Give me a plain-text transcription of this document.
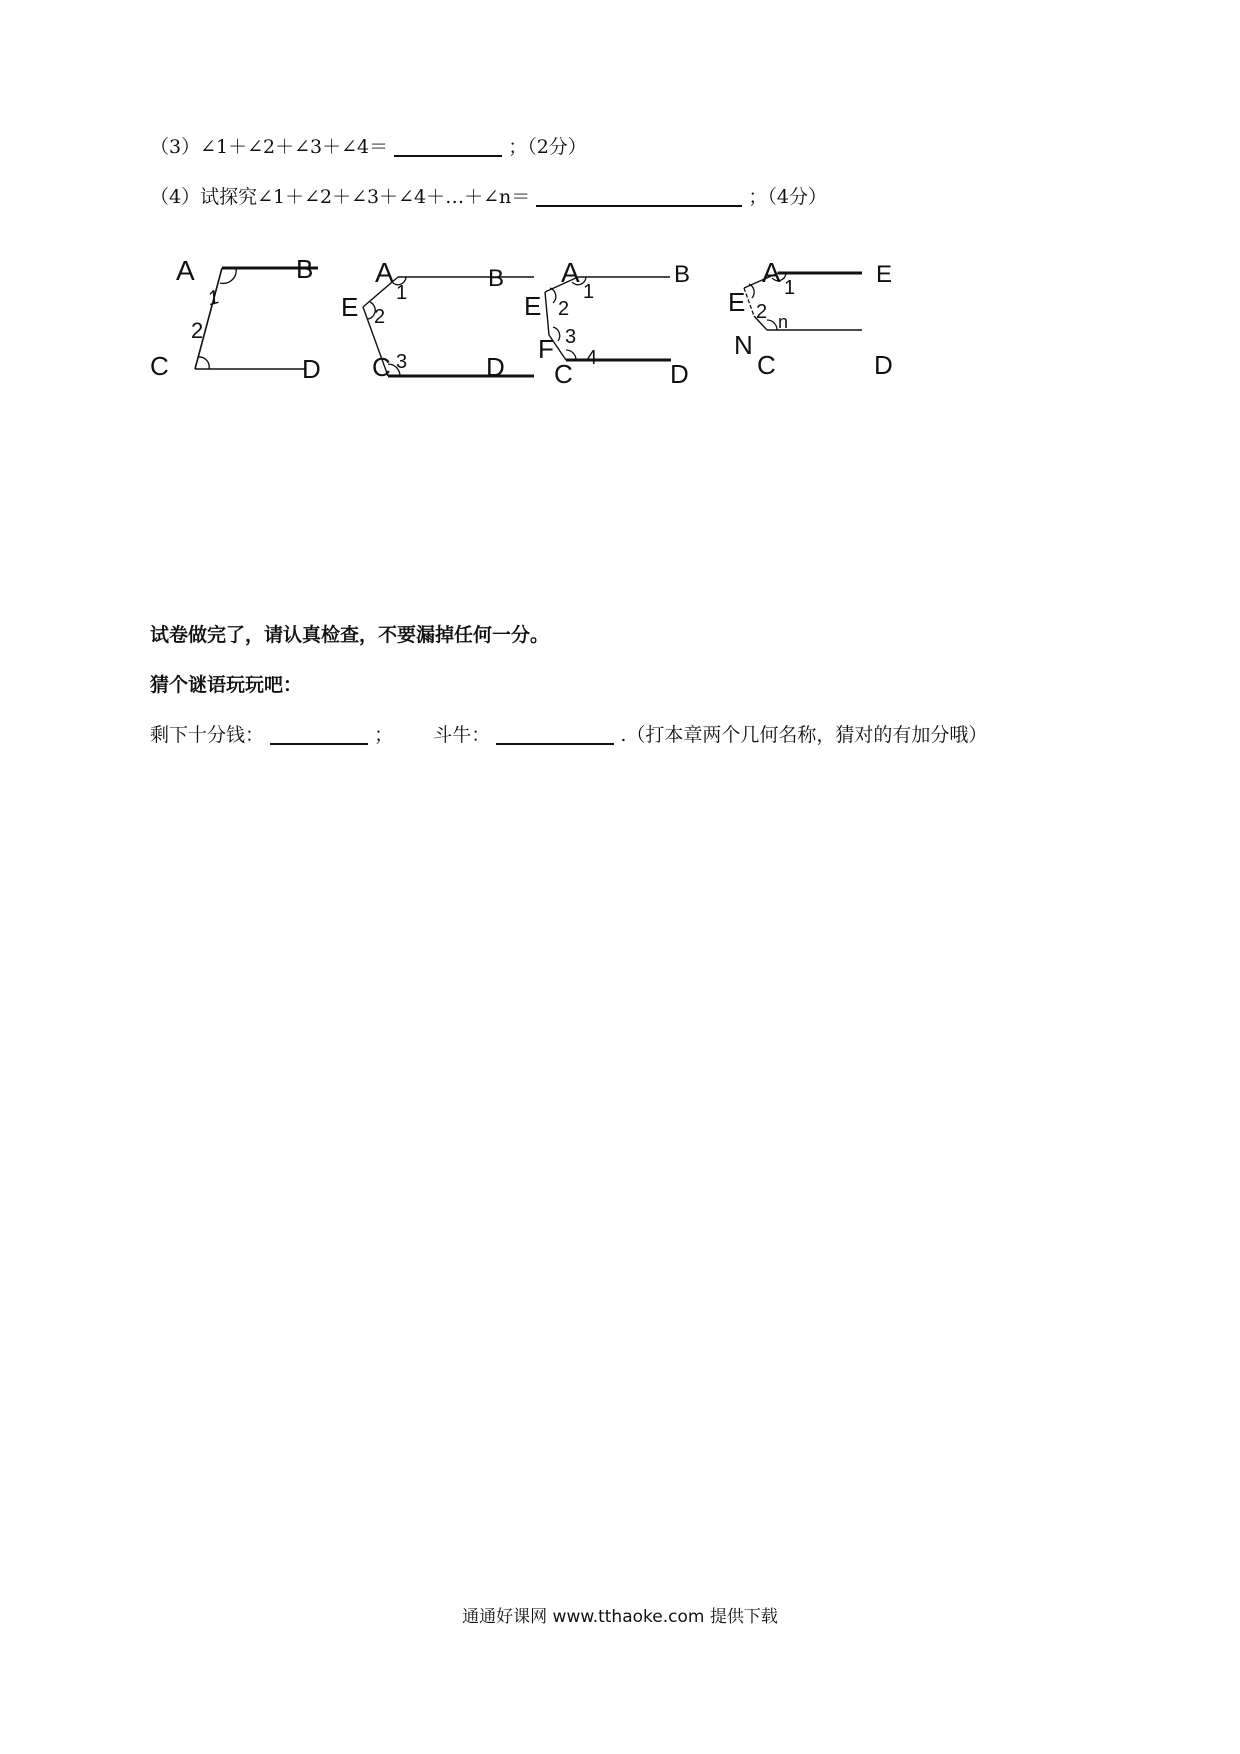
（3）∠1＋∠2＋∠3＋∠4＝	；（2分）
（4）试探究∠1＋∠2＋∠3＋∠4＋…＋∠n＝	；（4分）
A	B
C	D
1
2
A	B
E
C	D
1
2
3
A	B
E
F
C	D
1
2
3
4
A	E
E
N
C	D
1
2 n
试卷做完了，请认真检查，不要漏掉任何一分。
猜个谜语玩玩吧：
剩下十分钱：	； 斗牛：	.（打本章两个几何名称，猜对的有加分哦）
通通好课网 www.tthaoke.com 提供下载
